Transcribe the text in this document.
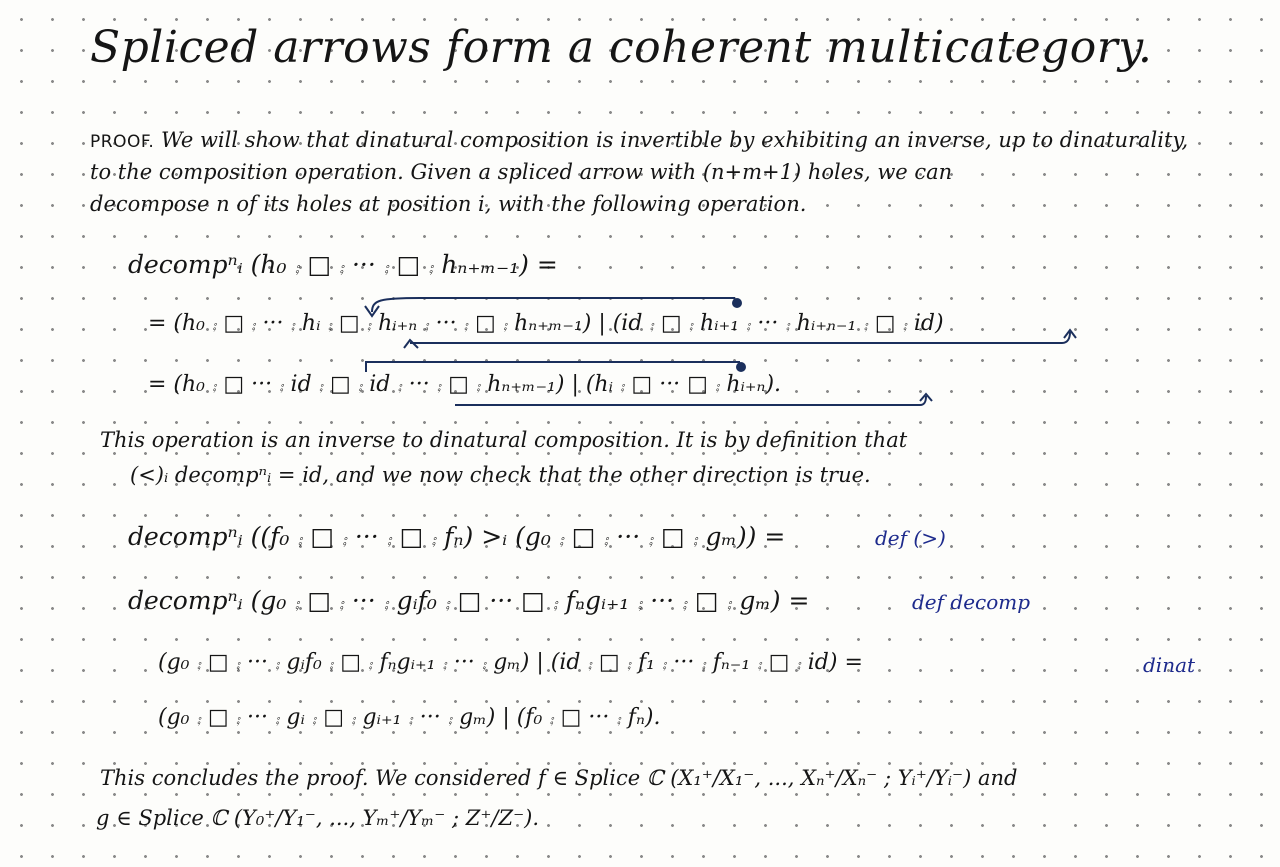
Spliced arrows form a coherent multicategory.
PROOF. We will show that dinatural composition is invertible by exhibiting an inverse, up to dinaturality,
to the composition operation. Given a spliced arrow with (n+m+1) holes, we can
decompose n of its holes at position i, with the following operation.
decompⁿᵢ (h₀ ⨾ □ ⨾ ··· ⨾ □ ⨾ hₙ₊ₘ₋₁) =
= (h₀ ⨾ □ ⨾ ··· ⨾ hᵢ ⨾ □ ⨾ hᵢ₊ₙ ⨾ ··· ⨾ □ ⨾ hₙ₊ₘ₋₁) | (id ⨾ □ ⨾ hᵢ₊₁ ⨾ ··· ⨾ hᵢ₊ₙ₋₁ ⨾ □ ⨾ id)
= (h₀ ⨾ □ ··· ⨾ id ⨾ □ ⨾ id ⨾ ··· ⨾ □ ⨾ hₙ₊ₘ₋₁) | (hᵢ ⨾ □ ··· □ ⨾ hᵢ₊ₙ).
This operation is an inverse to dinatural composition. It is by definition that
(<)ᵢ decompⁿᵢ = id, and we now check that the other direction is true.
decompⁿᵢ ((f₀ ⨾ □ ⨾ ··· ⨾ □ ⨾ fₙ) >ᵢ (g₀ ⨾ □ ⨾ ··· ⨾ □ ⨾ gₘ)) =	def (>)
decompⁿᵢ (g₀ ⨾ □ ⨾ ··· ⨾ gᵢf₀ ⨾ □ ··· □ ⨾ fₙgᵢ₊₁ ⨾ ··· ⨾ □ ⨾ gₘ) =	def decomp
(g₀ ⨾ □ ⨾ ··· ⨾ gᵢf₀ ⨾ □ ⨾ fₙgᵢ₊₁ ⨾ ··· ⨾ gₘ) | (id ⨾ □ ⨾ f₁ ⨾ ··· ⨾ fₙ₋₁ ⨾ □ ⨾ id) =	dinat
(g₀ ⨾ □ ⨾ ··· ⨾ gᵢ ⨾ □ ⨾ gᵢ₊₁ ⨾ ··· ⨾ gₘ) | (f₀ ⨾ □ ··· ⨾ fₙ).
This concludes the proof. We considered f ∈ Splice ℂ (X₁⁺/X₁⁻, ..., Xₙ⁺/Xₙ⁻ ; Yᵢ⁺/Yᵢ⁻) and
g ∈ Splice ℂ (Y₀⁺/Y₁⁻, ..., Yₘ⁺/Yₘ⁻ ; Z⁺/Z⁻).
